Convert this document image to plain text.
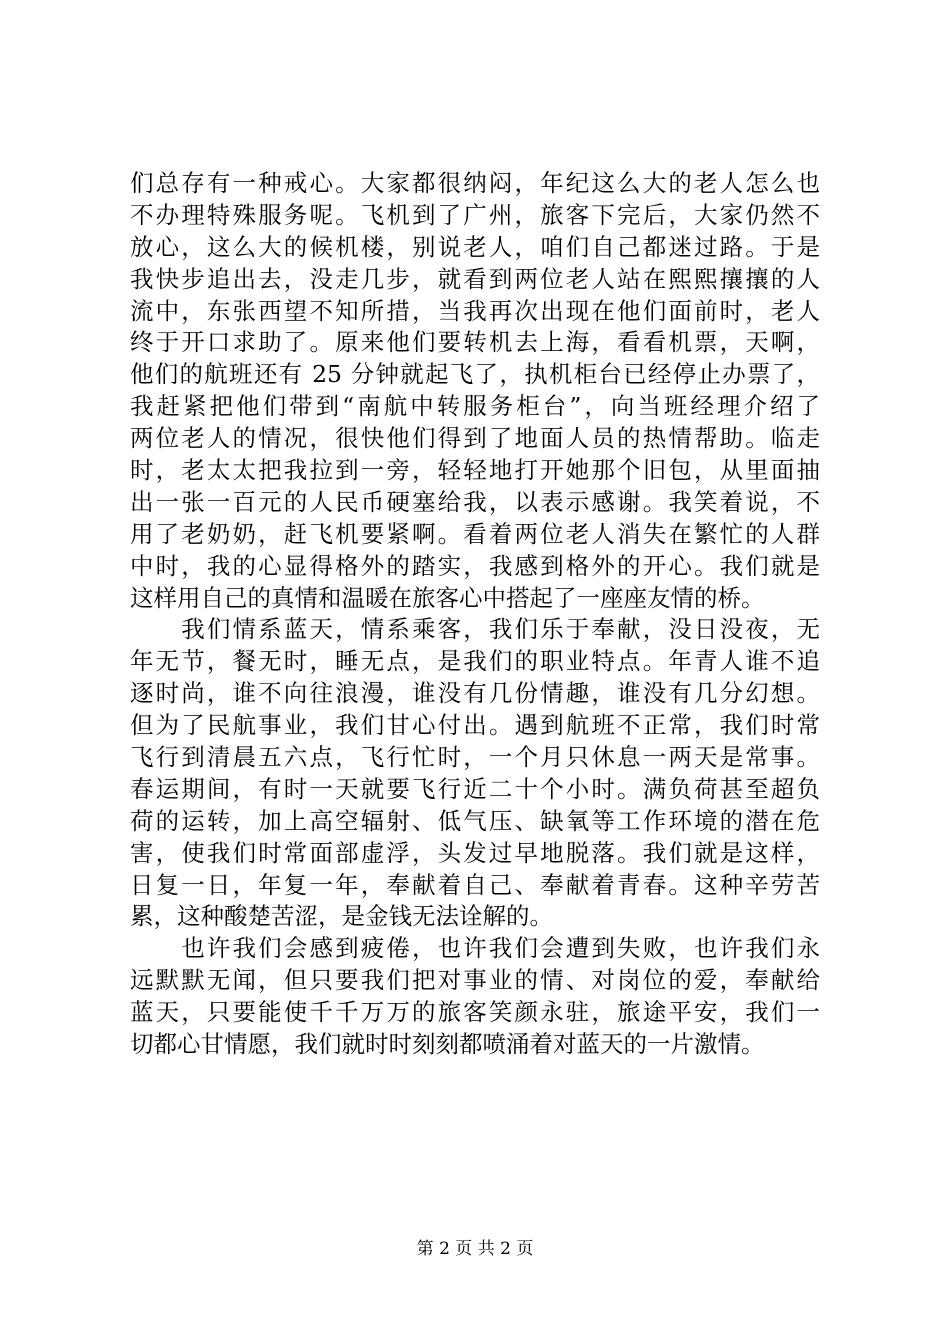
们总存有一种戒心。大家都很纳闷，年纪这么大的老人怎么也
不办理特殊服务呢。飞机到了广州，旅客下完后，大家仍然不
放心，这么大的候机楼，别说老人，咱们自己都迷过路。于是
我快步追出去，没走几步，就看到两位老人站在熙熙攘攘的人
流中，东张西望不知所措，当我再次出现在他们面前时，老人
终于开口求助了。原来他们要转机去上海，看看机票，天啊，
他们的航班还有 25 分钟就起飞了，执机柜台已经停止办票了，
我赶紧把他们带到“南航中转服务柜台”，向当班经理介绍了
两位老人的情况，很快他们得到了地面人员的热情帮助。临走
时，老太太把我拉到一旁，轻轻地打开她那个旧包，从里面抽
出一张一百元的人民币硬塞给我，以表示感谢。我笑着说，不
用了老奶奶，赶飞机要紧啊。看着两位老人消失在繁忙的人群
中时，我的心显得格外的踏实，我感到格外的开心。我们就是
这样用自己的真情和温暖在旅客心中搭起了一座座友情的桥。
　　我们情系蓝天，情系乘客，我们乐于奉献，没日没夜，无
年无节，餐无时，睡无点，是我们的职业特点。年青人谁不追
逐时尚，谁不向往浪漫，谁没有几份情趣，谁没有几分幻想。
但为了民航事业，我们甘心付出。遇到航班不正常，我们时常
飞行到清晨五六点，飞行忙时，一个月只休息一两天是常事。
春运期间，有时一天就要飞行近二十个小时。满负荷甚至超负
荷的运转，加上高空辐射、低气压、缺氧等工作环境的潜在危
害，使我们时常面部虚浮，头发过早地脱落。我们就是这样，
日复一日，年复一年，奉献着自己、奉献着青春。这种辛劳苦
累，这种酸楚苦涩，是金钱无法诠解的。
　　也许我们会感到疲倦，也许我们会遭到失败，也许我们永
远默默无闻，但只要我们把对事业的情、对岗位的爱，奉献给
蓝天，只要能使千千万万的旅客笑颜永驻，旅途平安，我们一
切都心甘情愿，我们就时时刻刻都喷涌着对蓝天的一片激情。
第 2 页 共 2 页
